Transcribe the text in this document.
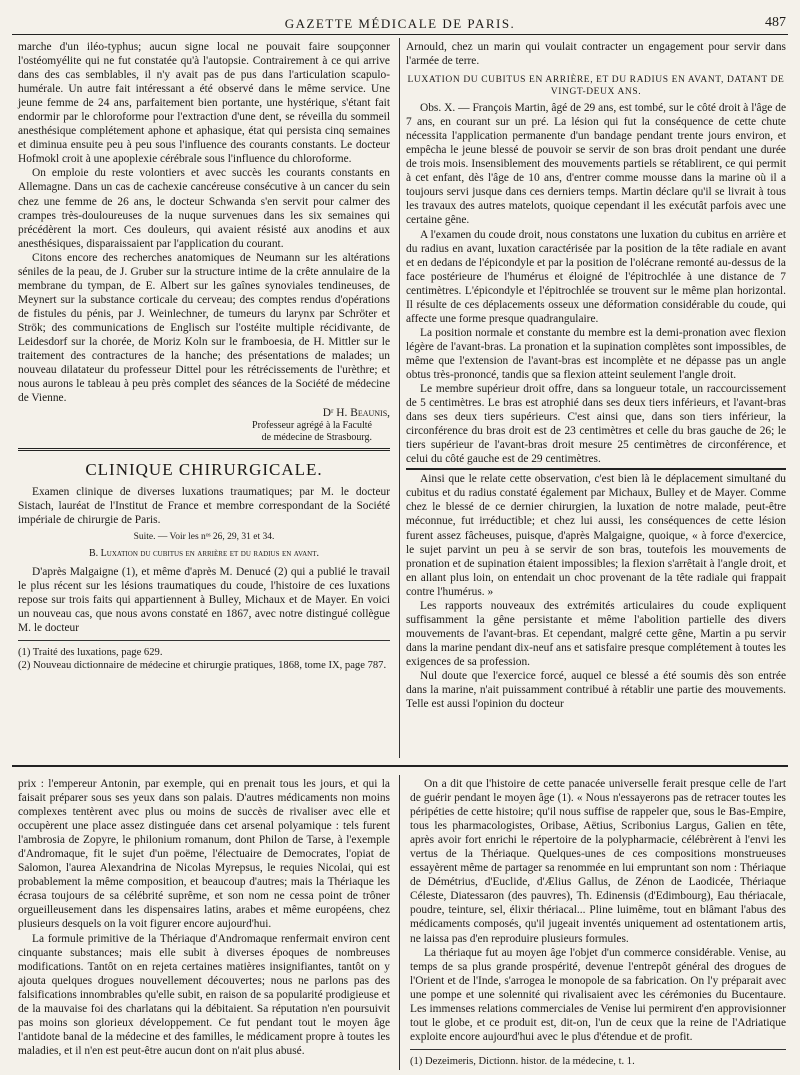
GAZETTE MÉDICALE DE PARIS.	487

marche d'un iléo-typhus; aucun signe local ne pouvait faire soupçonner l'ostéomyélite qui ne fut constatée qu'à l'autopsie. Contrairement à ce qui arrive dans des cas semblables, il n'y avait pas de pus dans l'articulation scapulo-humérale. Un autre fait intéressant a été observé dans le même service. Une jeune femme de 24 ans, parfaitement bien portante, une hystérique, s'étant fait endormir par le chloroforme pour l'extraction d'une dent, se réveilla du sommeil anesthésique complétement aphone et aphasique, état qui persista cinq semaines et diminua ensuite peu à peu sous l'influence des courants constants. Le docteur Hofmokl croit à une apoplexie cérébrale sous l'influence du chloroforme.

On emploie du reste volontiers et avec succès les courants constants en Allemagne. Dans un cas de cachexie cancéreuse consécutive à un cancer du sein chez une femme de 26 ans, le docteur Schwanda s'en servit pour calmer des crampes très-douloureuses de la nuque survenues dans les six semaines qui précédèrent la mort. Ces douleurs, qui avaient résisté aux anodins et aux anesthésiques, disparaissaient par l'application du courant.

Citons encore des recherches anatomiques de Neumann sur les altérations séniles de la peau, de J. Gruber sur la structure intime de la crête annulaire de la membrane du tympan, de E. Albert sur les gaînes synoviales tendineuses, de Meynert sur la substance corticale du cerveau; des comptes rendus d'opérations de fistules du pénis, par J. Weinlechner, de tumeurs du larynx par Schröter et Strök; des communications de Englisch sur l'ostéite multiple récidivante, de Leidesdorf sur la chorée, de Moriz Koln sur le framboesia, de H. Mittler sur le traitement des contractures de la hanche; des présentations de malades; un nouveau dilatateur du professeur Dittel pour les rétrécissements de l'urèthre; et nous aurons le tableau à peu près complet des séances de la Société de médecine de Vienne.

Dʳ H. Beaunis,
Professeur agrégé à la Faculté
de médecine de Strasbourg.
CLINIQUE CHIRURGICALE.

Examen clinique de diverses luxations traumatiques; par M. le docteur Sistach, lauréat de l'Institut de France et membre correspondant de la Société impériale de chirurgie de Paris.

Suite. — Voir les nᵒˢ 26, 29, 31 et 34.
B. Luxation du cubitus en arrière et du radius en avant.

D'après Malgaigne (1), et même d'après M. Denucé (2) qui a publié le travail le plus récent sur les lésions traumatiques du coude, l'histoire de ces luxations repose sur trois faits qui appartiennent à Bulley, Michaux et de Mayer. En voici un nouveau cas, que nous avons constaté en 1867, avec notre distingué collègue M. le docteur

(1) Traité des luxations, page 629.

(2) Nouveau dictionnaire de médecine et chirurgie pratiques, 1868, tome IX, page 787.

Arnould, chez un marin qui voulait contracter un engagement pour servir dans l'armée de terre.

LUXATION DU CUBITUS EN ARRIÈRE, ET DU RADIUS EN AVANT, DATANT DE VINGT-DEUX ANS.

Obs. X. — François Martin, âgé de 29 ans, est tombé, sur le côté droit à l'âge de 7 ans, en courant sur un pré. La lésion qui fut la conséquence de cette chute nécessita l'application permanente d'un bandage pendant trente jours environ, et empêcha le jeune blessé de pouvoir se servir de son bras droit pendant une durée de trois mois. Insensiblement des mouvements partiels se rétablirent, ce qui permit à cet enfant, dès l'âge de 10 ans, d'entrer comme mousse dans la marine où il a toujours servi jusque dans ces derniers temps. Martin déclare qu'il se livrait à tous les travaux des autres matelots, quoique cependant il les exécutât parfois avec une certaine gêne.

A l'examen du coude droit, nous constatons une luxation du cubitus en arrière et du radius en avant, luxation caractérisée par la position de la tête radiale en avant et en dedans de l'épicondyle et par la position de l'olécrane remonté au-dessus de la face postérieure de l'humérus et éloigné de l'épitrochlée à une distance de 7 centimètres. L'épicondyle et l'épitrochlée se trouvent sur le même plan horizontal. Il résulte de ces déplacements osseux une déformation considérable du coude, qui affecte une forme presque quadrangulaire.

La position normale et constante du membre est la demi-pronation avec flexion légère de l'avant-bras. La pronation et la supination complètes sont impossibles, de même que l'extension de l'avant-bras est incomplète et ne dépasse pas un angle obtus très-prononcé, tandis que sa flexion atteint seulement l'angle droit.

Le membre supérieur droit offre, dans sa longueur totale, un raccourcissement de 5 centimètres. Le bras est atrophié dans ses deux tiers inférieurs, et l'avant-bras dans ses deux tiers supérieurs. C'est ainsi que, dans son tiers inférieur, la circonférence du bras droit est de 23 centimètres et celle du bras gauche de 26; le tiers supérieur de l'avant-bras droit mesure 25 centimètres de circonférence, et celui du côté gauche est de 29 centimètres.

Ainsi que le relate cette observation, c'est bien là le déplacement simultané du cubitus et du radius constaté également par Michaux, Bulley et de Mayer. Comme chez le blessé de ce dernier chirurgien, la luxation de notre malade, peut-être méconnue, fut irréductible; et chez lui aussi, les conséquences de cette lésion furent assez fâcheuses, puisque, d'après Malgaigne, quoique, « à force d'exercice, le sujet parvint un peu à se servir de son bras, toutefois les mouvements de pronation et de supination étaient impossibles; la flexion s'arrêtait à l'angle droit, et en allant plus loin, on entendait un choc provenant de la tête radiale qui frappait contre l'humérus. »

Les rapports nouveaux des extrémités articulaires du coude expliquent suffisamment la gêne persistante et même l'abolition partielle des divers mouvements de l'avant-bras. Et cependant, malgré cette gêne, Martin a pu servir dans la marine pendant dix-neuf ans et satisfaire presque complétement à toutes les exigences de sa profession.

Nul doute que l'exercice forcé, auquel ce blessé a été soumis dès son entrée dans la marine, n'ait puissamment contribué à rétablir une partie des mouvements. Telle est aussi l'opinion du docteur

prix : l'empereur Antonin, par exemple, qui en prenait tous les jours, et qui la faisait préparer sous ses yeux dans son palais. D'autres médicaments non moins complexes tentèrent avec plus ou moins de succès de rivaliser avec elle et occupèrent une place assez distinguée dans cet arsenal polyamique : tels furent l'ambrosia de Zopyre, le philonium romanum, dont Philon de Tarse, à l'exemple d'Andromaque, fit le sujet d'un poëme, l'électuaire de Democrates, l'opiat de Salomon, l'aurea Alexandrina de Nicolas Myrepsus, le requies Nicolai, qui est probablement la même composition, et beaucoup d'autres; mais la Thériaque les écrasa toujours de sa célébrité suprême, et son nom ne cessa point de trôner orgueilleusement dans les dispensaires latins, arabes et même européens, chez plusieurs desquels on la voit figurer encore aujourd'hui.

La formule primitive de la Thériaque d'Andromaque renfermait environ cent cinquante substances; mais elle subit à diverses époques de nombreuses modifications. Tantôt on en rejeta certaines matières insignifiantes, tantôt on y ajouta quelques drogues nouvellement découvertes; nous ne parlons pas des falsifications innombrables qu'elle subit, en raison de sa popularité prodigieuse et de la mauvaise foi des charlatans qui la débitaient. Sa réputation n'en poursuivit pas moins son glorieux développement. Ce fut pendant tout le moyen âge l'antidote banal de la médecine et des familles, le médicament propre à toutes les maladies, et il n'en est peut-être aucun dont on n'ait plus abusé.

On a dit que l'histoire de cette panacée universelle ferait presque celle de l'art de guérir pendant le moyen âge (1). « Nous n'essayerons pas de retracer toutes les péripéties de cette histoire; qu'il nous suffise de rappeler que, sous le Bas-Empire, tous les pharmacologistes, Oribase, Aëtius, Scribonius Largus, Galien en tête, après avoir fort enrichi le répertoire de la polypharmacie, célébrèrent à l'envi les vertus de la Thériaque. Quelques-unes de ces compositions monstrueuses essayèrent même de partager sa renommée en lui empruntant son nom : Thériaque de Démétrius, d'Euclide, d'Ælius Gallus, de Zénon de Laodicée, Thériaque Céleste, Diatessaron (des pauvres), Th. Edinensis (d'Edimbourg), Eau thériacale, poudre, teinture, sel, élixir thériacal... Pline luimême, tout en blâmant l'abus des médicaments composés, qu'il jugeait inventés uniquement ad ostentationem artis, ne laissa pas d'en reproduire plusieurs formules.

La thériaque fut au moyen âge l'objet d'un commerce considérable. Venise, au temps de sa plus grande prospérité, devenue l'entrepôt général des drogues de l'Orient et de l'Inde, s'arrogea le monopole de sa fabrication. On l'y préparait avec une pompe et une solennité qui rivalisaient avec les cérémonies du Bucentaure. Les immenses relations commerciales de Venise lui permirent d'en approvisionner tout le globe, et ce produit est, dit-on, l'un de ceux que la reine de l'Adriatique exploite encore aujourd'hui avec le plus d'étendue et de profit.

(1) Dezeimeris, Dictionn. histor. de la médecine, t. 1.
